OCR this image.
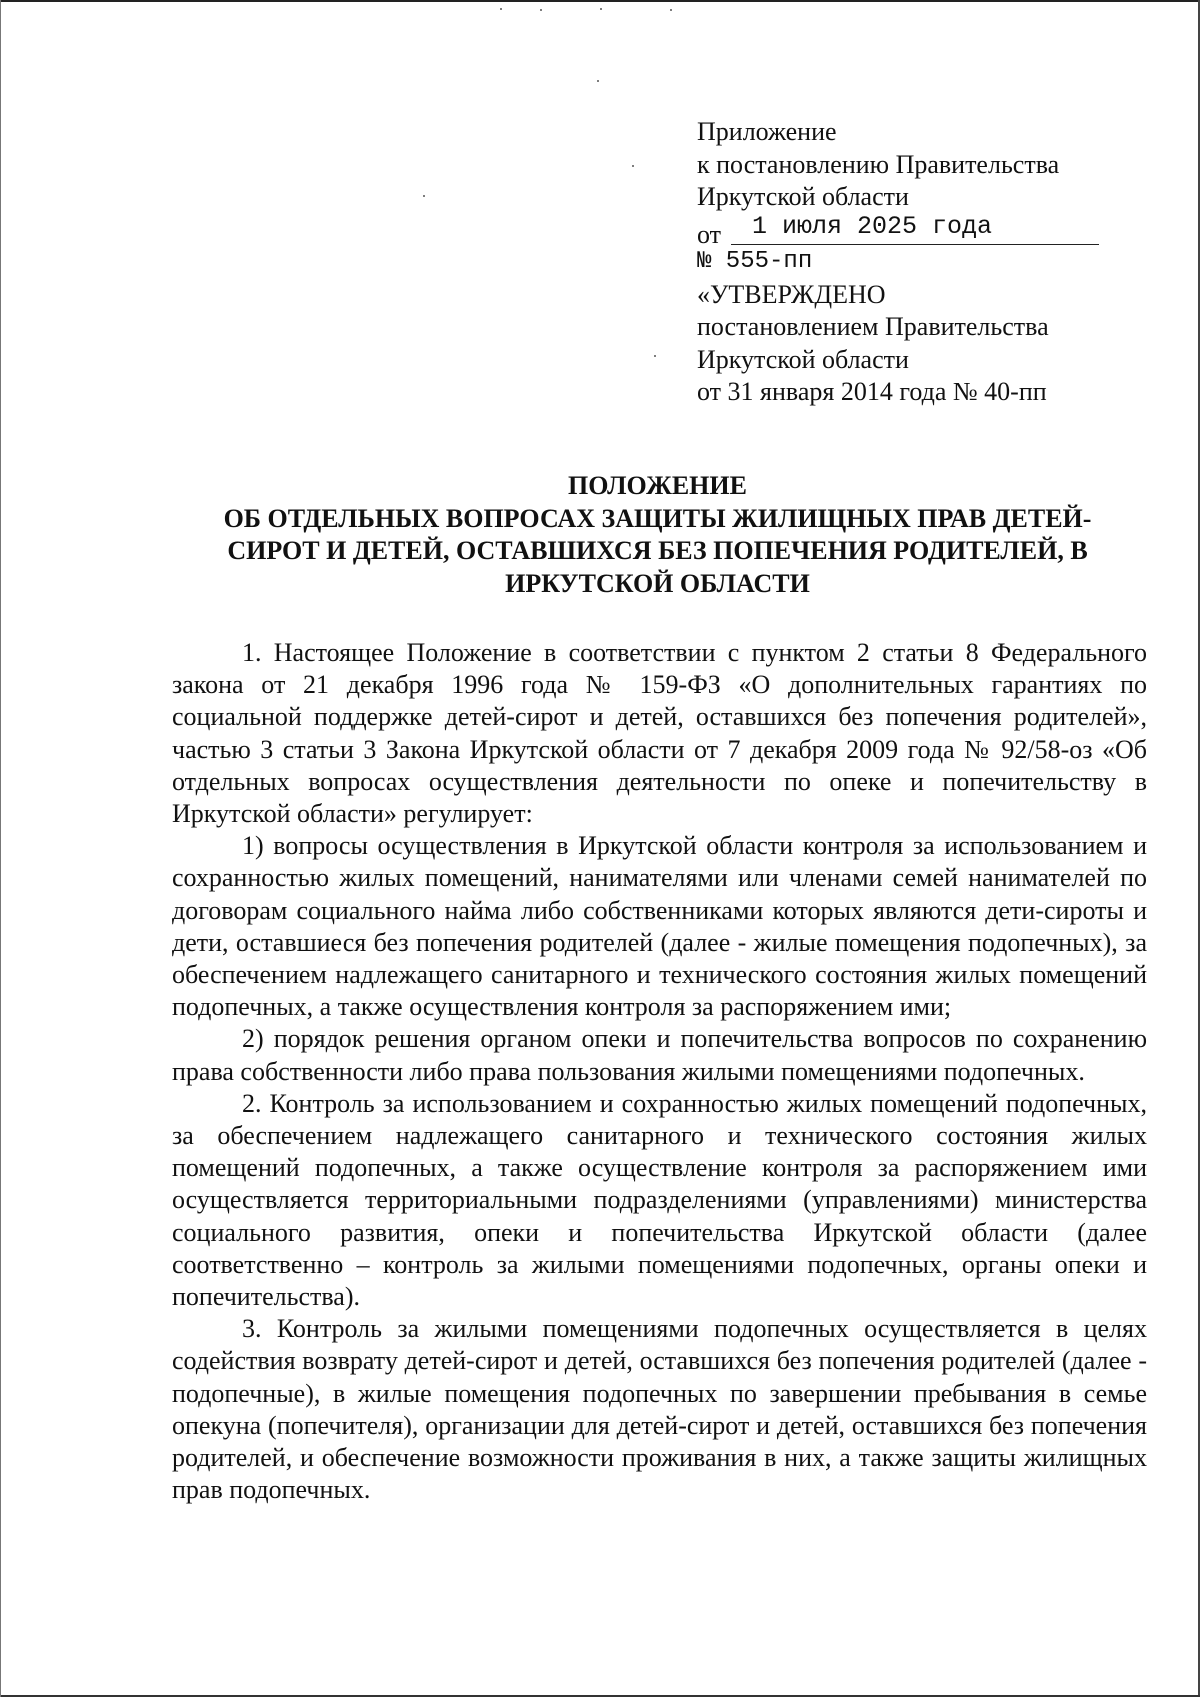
Приложение
к постановлению Правительства
Иркутской области
от 1 июля 2025 года
№ 555-пп
«УТВЕРЖДЕНО
постановлением Правительства
Иркутской области
от 31 января 2014 года № 40-пп
ПОЛОЖЕНИЕ
ОБ ОТДЕЛЬНЫХ ВОПРОСАХ ЗАЩИТЫ ЖИЛИЩНЫХ ПРАВ ДЕТЕЙ-
СИРОТ И ДЕТЕЙ, ОСТАВШИХСЯ БЕЗ ПОПЕЧЕНИЯ РОДИТЕЛЕЙ, В
ИРКУТСКОЙ ОБЛАСТИ

1. Настоящее Положение в соответствии с пунктом 2 статьи 8 Федерального закона от 21 декабря 1996 года № 159-ФЗ «О дополнительных гарантиях по социальной поддержке детей-сирот и детей, оставшихся без попечения родителей», частью 3 статьи 3 Закона Иркутской области от 7 декабря 2009 года № 92/58-оз «Об отдельных вопросах осуществления деятельности по опеке и попечительству в Иркутской области» регулирует:

1) вопросы осуществления в Иркутской области контроля за использованием и сохранностью жилых помещений, нанимателями или членами семей нанимателей по договорам социального найма либо собственниками которых являются дети-сироты и дети, оставшиеся без попечения родителей (далее - жилые помещения подопечных), за обеспечением надлежащего санитарного и технического состояния жилых помещений подопечных, а также осуществления контроля за распоряжением ими;

2) порядок решения органом опеки и попечительства вопросов по сохранению права собственности либо права пользования жилыми помещениями подопечных.

2. Контроль за использованием и сохранностью жилых помещений подопечных, за обеспечением надлежащего санитарного и технического состояния жилых помещений подопечных, а также осуществление контроля за распоряжением ими осуществляется территориальными подразделениями (управлениями) министерства социального развития, опеки и попечительства Иркутской области (далее соответственно – контроль за жилыми помещениями подопечных, органы опеки и попечительства).

3. Контроль за жилыми помещениями подопечных осуществляется в целях содействия возврату детей-сирот и детей, оставшихся без попечения родителей (далее - подопечные), в жилые помещения подопечных по завершении пребывания в семье опекуна (попечителя), организации для детей-сирот и детей, оставшихся без попечения родителей, и обеспечение возможности проживания в них, а также защиты жилищных прав подопечных.
